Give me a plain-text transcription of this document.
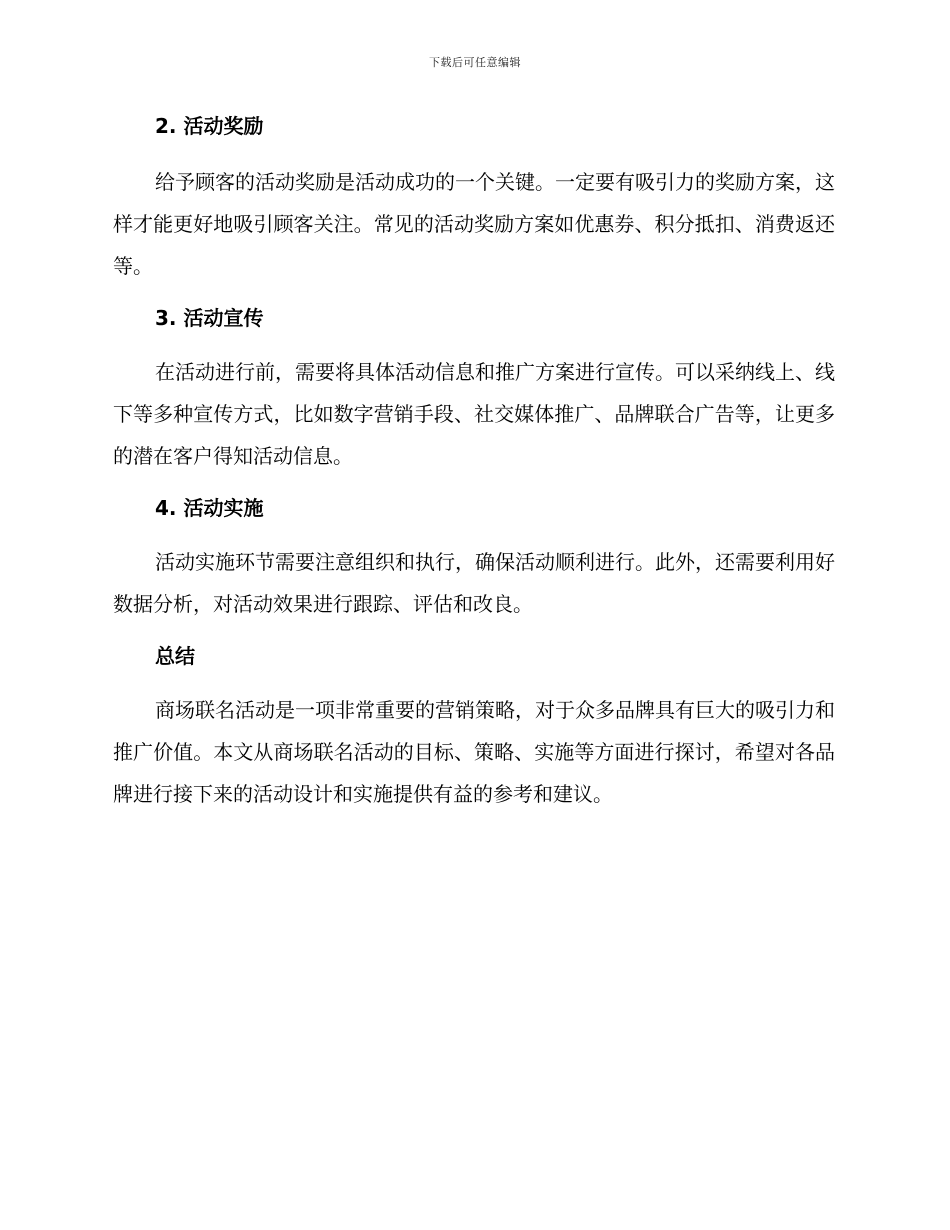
下载后可任意编辑
2. 活动奖励

给予顾客的活动奖励是活动成功的一个关键。一定要有吸引力的奖励方案，这样才能更好地吸引顾客关注。常见的活动奖励方案如优惠券、积分抵扣、消费返还等。

3. 活动宣传

在活动进行前，需要将具体活动信息和推广方案进行宣传。可以采纳线上、线下等多种宣传方式，比如数字营销手段、社交媒体推广、品牌联合广告等，让更多的潜在客户得知活动信息。

4. 活动实施

活动实施环节需要注意组织和执行，确保活动顺利进行。此外，还需要利用好数据分析，对活动效果进行跟踪、评估和改良。

总结

商场联名活动是一项非常重要的营销策略，对于众多品牌具有巨大的吸引力和推广价值。本文从商场联名活动的目标、策略、实施等方面进行探讨，希望对各品牌进行接下来的活动设计和实施提供有益的参考和建议。
